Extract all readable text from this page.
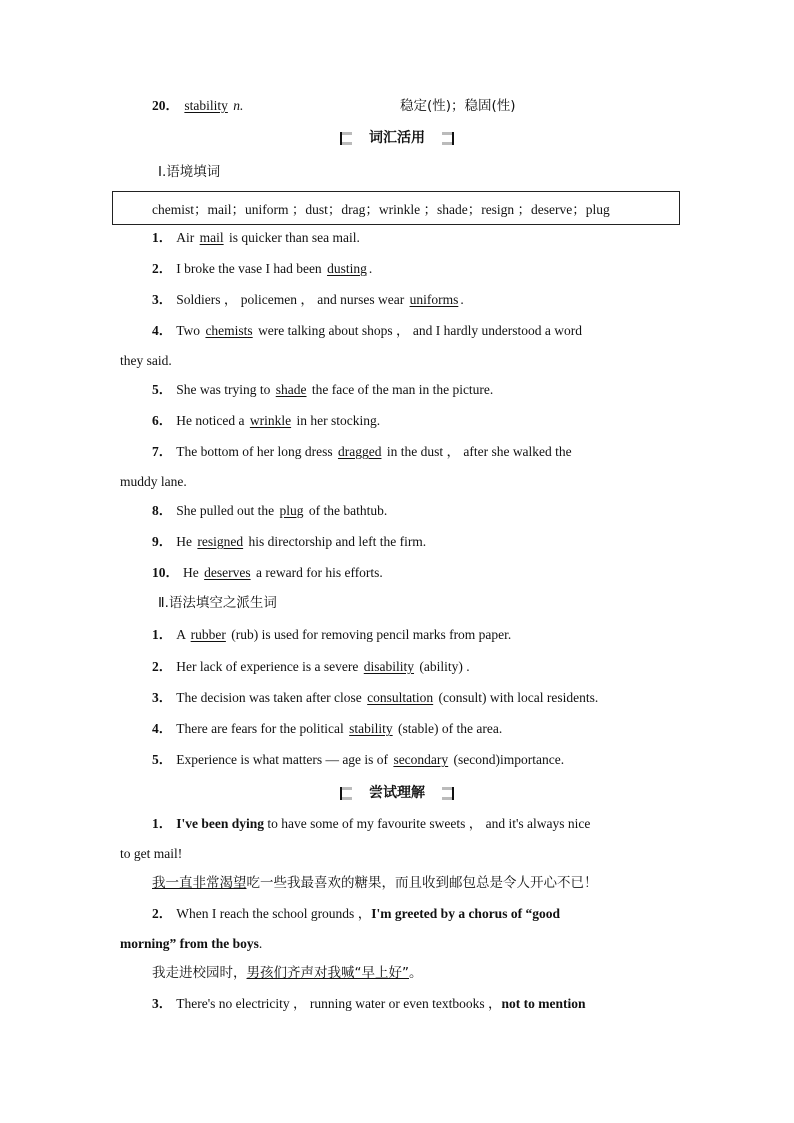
20． stability n.	稳定(性)；稳固(性)
词汇活用
Ⅰ.语境填词
chemist；mail；uniform ；dust；drag；wrinkle ；shade；resign ；deserve；plug
1． Air mail is quicker than sea mail.
2． I broke the vase I had been dusting .
3． Soldiers ， policemen ， and nurses wear uniforms .
4． Two chemists were talking about shops ， and I hardly understood a word
they said.
5． She was trying to shade the face of the man in the picture.
6． He noticed a wrinkle in her stocking.
7． The bottom of her long dress dragged in the dust ， after she walked the
muddy lane.
8． She pulled out the plug of the bathtub.
9． He resigned his directorship and left the firm.
10． He deserves a reward for his efforts.
Ⅱ.语法填空之派生词
1． A rubber (rub) is used for removing pencil marks from paper.
2． Her lack of experience is a severe disability (ability) .
3． The decision was taken after close consultation (consult) with local residents.
4． There are fears for the political stability (stable) of the area.
5． Experience is what matters — age is of secondary (second)importance.
尝试理解
1． I've been dying to have some of my favourite sweets ， and it's always nice
to get mail!
我一直非常渴望吃一些我最喜欢的糖果，而且收到邮包总是令人开心不已！
2． When I reach the school grounds ，I'm greeted by a chorus of “good
morning” from the boys.
我走进校园时，男孩们齐声对我喊“早上好”。
3． There's no electricity ， running water or even textbooks ，not to mention
